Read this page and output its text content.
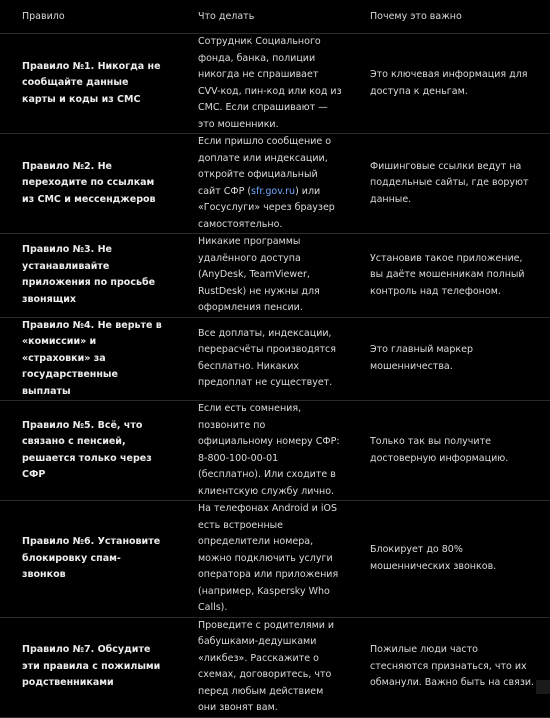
Правило	Что делать	Почему это важно
Правило №1. Никогда не сообщайте данные карты и коды из СМС	Сотрудник Социального фонда, банка, полиции никогда не спрашивает CVV-код, пин-код или код из СМС. Если спрашивают — это мошенники.	Это ключевая информация для доступа к деньгам.
Правило №2. Не переходите по ссылкам из СМС и мессенджеров	Если пришло сообщение о доплате или индексации, откройте официальный сайт СФР (sfr.gov.ru) или «Госуслуги» через браузер самостоятельно.	Фишинговые ссылки ведут на поддельные сайты, где воруют данные.
Правило №3. Не устанавливайте приложения по просьбе звонящих	Никакие программы удалённого доступа (AnyDesk, TeamViewer, RustDesk) не нужны для оформления пенсии.	Установив такое приложение, вы даёте мошенникам полный контроль над телефоном.
Правило №4. Не верьте в «комиссии» и «страховки» за государственные выплаты	Все доплаты, индексации, перерасчёты производятся бесплатно. Никаких предоплат не существует.	Это главный маркер мошенничества.
Правило №5. Всё, что связано с пенсией, решается только через СФР	Если есть сомнения, позвоните по официальному номеру СФР: 8-800-100-00-01 (бесплатно). Или сходите в клиентскую службу лично.	Только так вы получите достоверную информацию.
Правило №6. Установите блокировку спам-звонков	На телефонах Android и iOS есть встроенные определители номера, можно подключить услуги оператора или приложения (например, Kaspersky Who Calls).	Блокирует до 80% мошеннических звонков.
Правило №7. Обсудите эти правила с пожилыми родственниками	Проведите с родителями и бабушками-дедушками «ликбез». Расскажите о схемах, договоритесь, что перед любым действием они звонят вам.	Пожилые люди часто стесняются признаться, что их обманули. Важно быть на связи.
